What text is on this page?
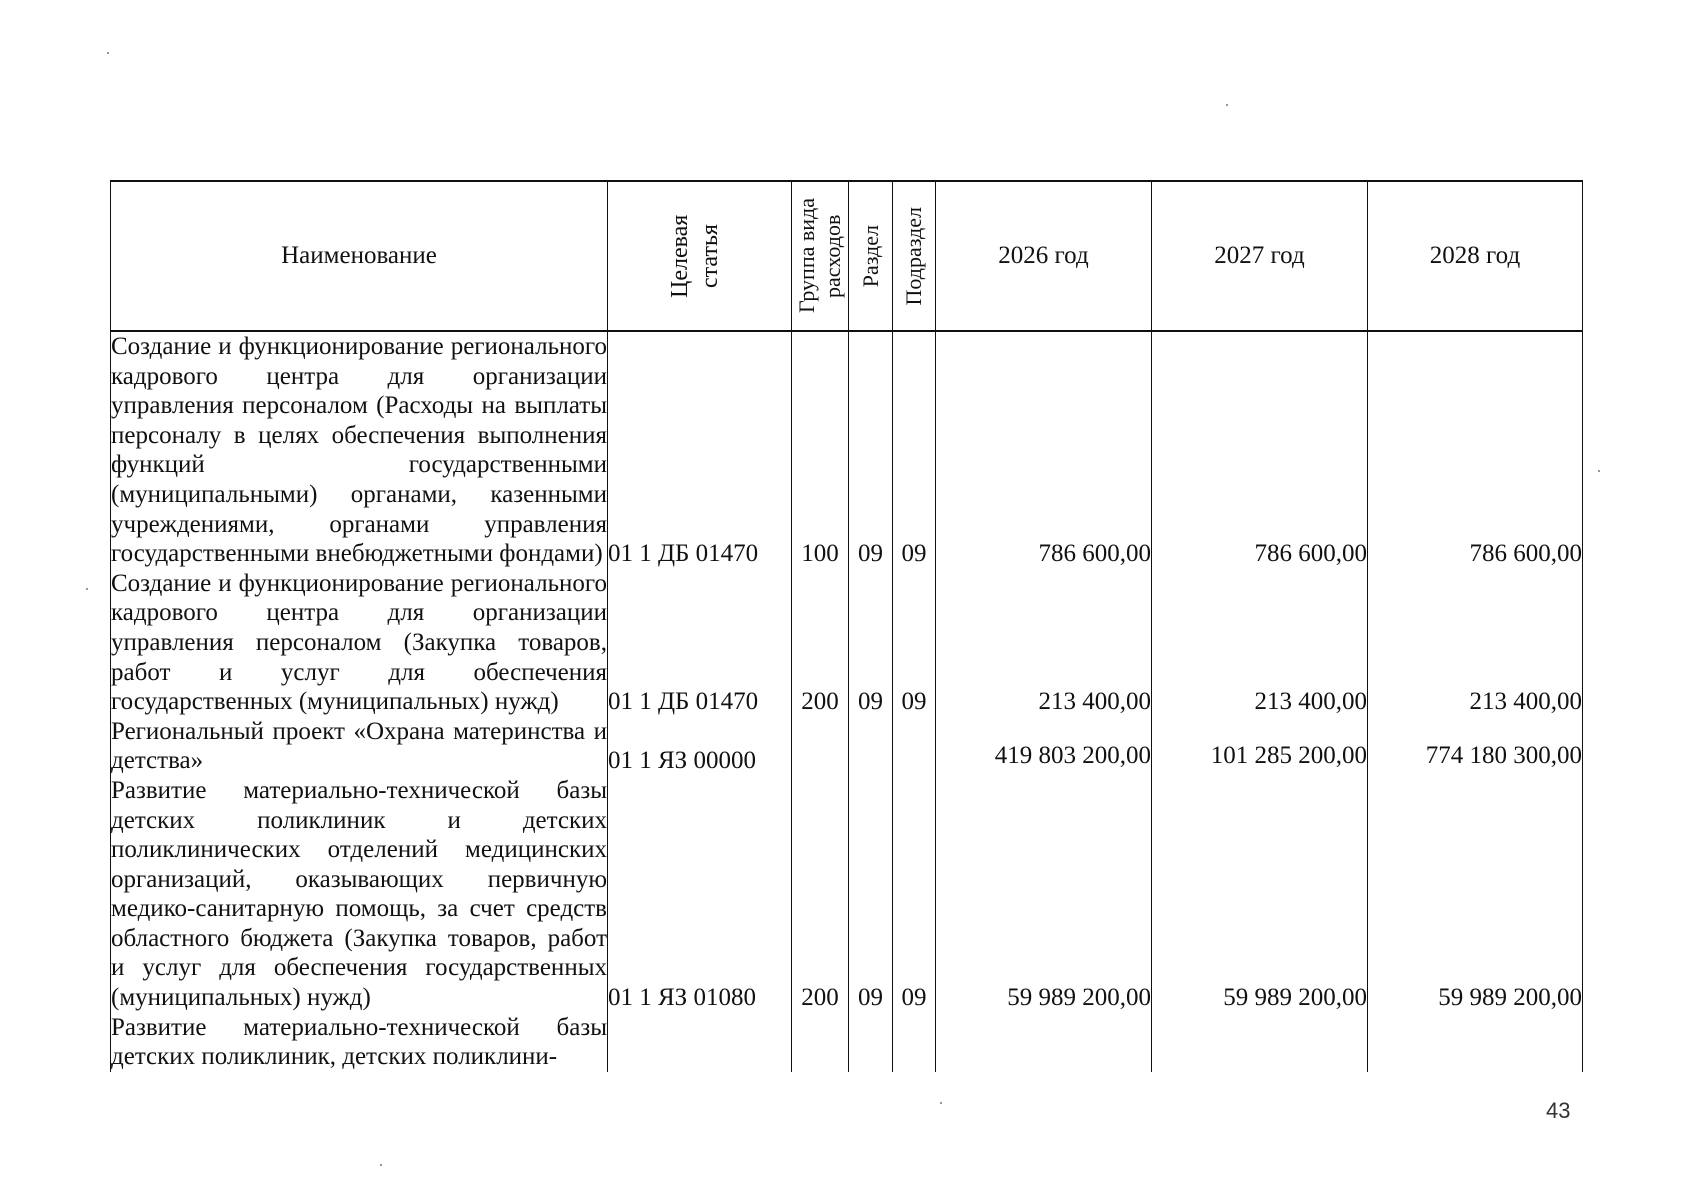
Наименование	Целевая статья	Группа вида расходов	Раздел	Подраздел	2026 год	2027 год	2028 год
Создание и функционирование регионального кадрового центра для организации управления персоналом (Расходы на выплаты персоналу в целях обеспечения выполнения функций государственными (муниципальными) органами, казенными учреждениями, органами управления государственными внебюджетными фондами)	01 1 ДБ 01470	100	09	09	786 600,00	786 600,00	786 600,00
Создание и функционирование регионального кадрового центра для организации управления персоналом (Закупка товаров, работ и услуг для обеспечения государственных (муниципальных) нужд)	01 1 ДБ 01470	200	09	09	213 400,00	213 400,00	213 400,00
Региональный проект «Охрана материнства и детства»	01 1 ЯЗ 00000				419 803 200,00	101 285 200,00	774 180 300,00
Развитие материально-технической базы детских поликлиник и детских поликлинических отделений медицинских организаций, оказывающих первичную медико-санитарную помощь, за счет средств областного бюджета (Закупка товаров, работ и услуг для обеспечения государственных (муниципальных) нужд)	01 1 ЯЗ 01080	200	09	09	59 989 200,00	59 989 200,00	59 989 200,00
Развитие материально-технической базы детских поликлиник, детских поликлини-							
43
